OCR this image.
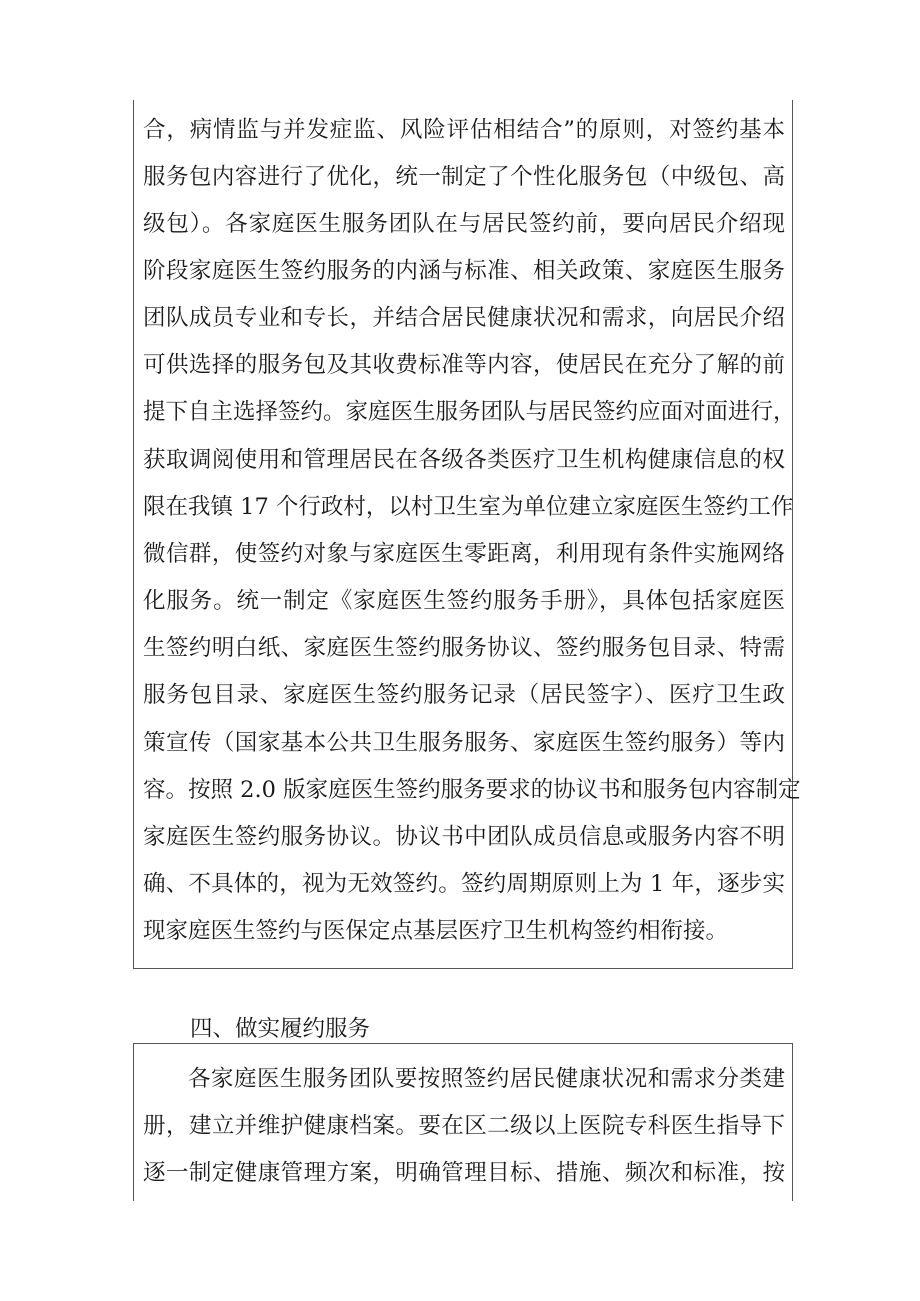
合，病情监与并发症监、风险评估相结合”的原则，对签约基本
服务包内容进行了优化，统一制定了个性化服务包（中级包、高
级包）。各家庭医生服务团队在与居民签约前，要向居民介绍现
阶段家庭医生签约服务的内涵与标准、相关政策、家庭医生服务
团队成员专业和专长，并结合居民健康状况和需求，向居民介绍
可供选择的服务包及其收费标准等内容，使居民在充分了解的前
提下自主选择签约。家庭医生服务团队与居民签约应面对面进行，
获取调阅使用和管理居民在各级各类医疗卫生机构健康信息的权
限在我镇 17 个行政村，以村卫生室为单位建立家庭医生签约工作
微信群，使签约对象与家庭医生零距离，利用现有条件实施网络
化服务。统一制定《家庭医生签约服务手册》，具体包括家庭医
生签约明白纸、家庭医生签约服务协议、签约服务包目录、特需
服务包目录、家庭医生签约服务记录（居民签字）、医疗卫生政
策宣传（国家基本公共卫生服务服务、家庭医生签约服务）等内
容。按照 2.0 版家庭医生签约服务要求的协议书和服务包内容制定
家庭医生签约服务协议。协议书中团队成员信息或服务内容不明
确、不具体的，视为无效签约。签约周期原则上为 1 年，逐步实
现家庭医生签约与医保定点基层医疗卫生机构签约相衔接。
四、做实履约服务
各家庭医生服务团队要按照签约居民健康状况和需求分类建
册，建立并维护健康档案。要在区二级以上医院专科医生指导下
逐一制定健康管理方案，明确管理目标、措施、频次和标准，按
